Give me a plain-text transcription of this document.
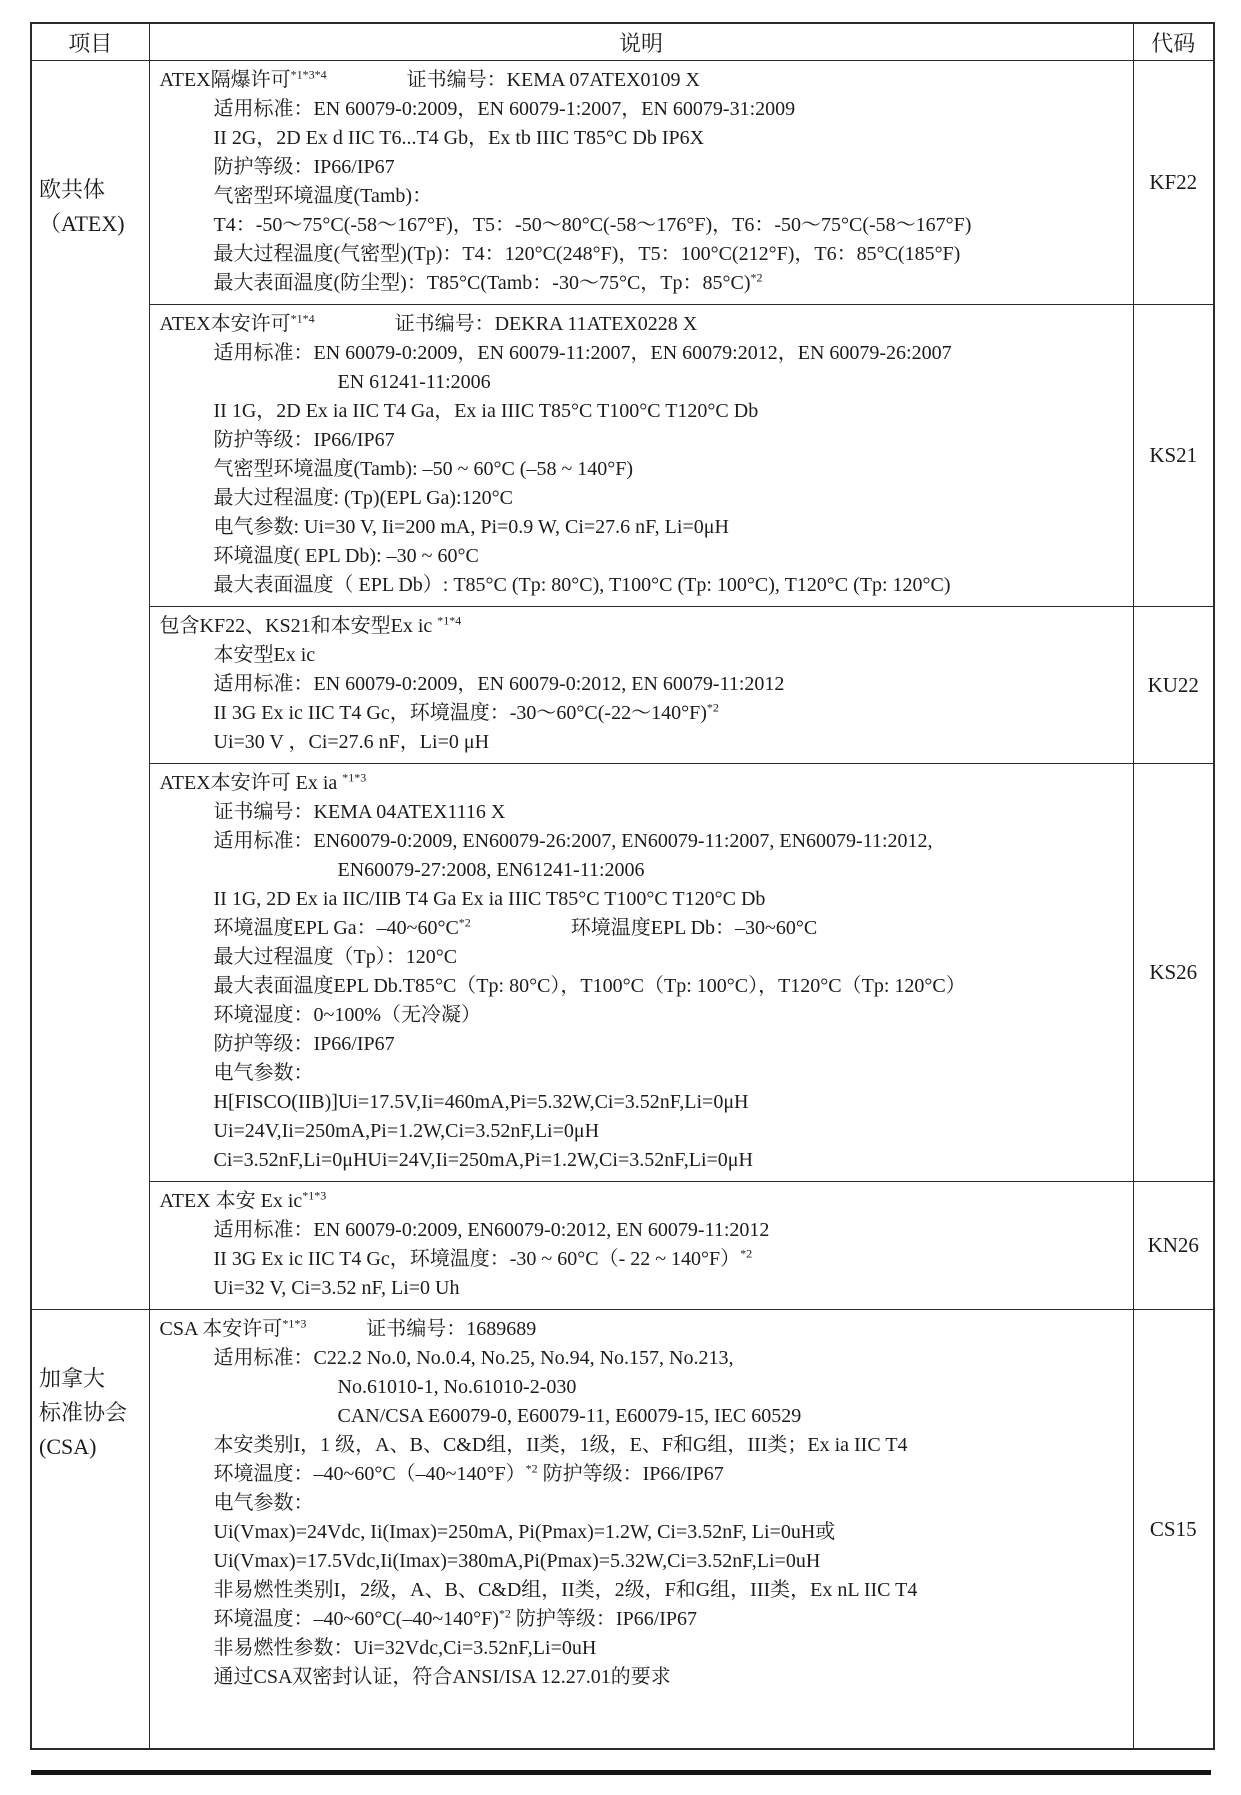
项目	说明	代码

欧共体
（ATEX)

ATEX隔爆许可$^{*1*3*4}$　　　　证书编号：KEMA 07ATEX0109 X
适用标准：EN 60079-0:2009，EN 60079-1:2007，EN 60079-31:2009
II 2G，2D Ex d IIC T6...T4 Gb，Ex tb IIIC T85°C Db IP6X
防护等级：IP66/IP67
气密型环境温度(Tamb)：
T4：-50～75°C(-58～167°F)，T5：-50～80°C(-58～176°F)，T6：-50～75°C(-58～167°F)
最大过程温度(气密型)(Tp)：T4：120°C(248°F)，T5：100°C(212°F)，T6：85°C(185°F)
最大表面温度(防尘型)：T85°C(Tamb：-30～75°C，Tp：85°C)$^{*2}$
	KF22

ATEX本安许可$^{*1*4}$　　　　证书编号：DEKRA 11ATEX0228 X
适用标准：EN 60079-0:2009，EN 60079-11:2007，EN 60079:2012，EN 60079-26:2007
EN 61241-11:2006
II 1G，2D Ex ia IIC T4 Ga，Ex ia IIIC T85°C T100°C T120°C Db
防护等级：IP66/IP67
气密型环境温度(Tamb): –50 ~ 60°C (–58 ~ 140°F)
最大过程温度: (Tp)(EPL Ga):120°C
电气参数: Ui=30 V, Ii=200 mA, Pi=0.9 W, Ci=27.6 nF, Li=0μH
环境温度( EPL Db): –30 ~ 60°C
最大表面温度（ EPL Db）: T85°C (Tp: 80°C), T100°C (Tp: 100°C), T120°C (Tp: 120°C)
	KS21

	包含KF22、KS21和本安型Ex ic $^{*1*4}$
本安型Ex ic
适用标准：EN 60079-0:2009，EN 60079-0:2012, EN 60079-11:2012
II 3G Ex ic IIC T4 Gc，环境温度：-30～60°C(-22～140°F)$^{*2}$
Ui=30 V ，Ci=27.6 nF，Li=0 μH	KU22

ATEX本安许可 Ex ia $^{*1*3}$
证书编号：KEMA 04ATEX1116 X
适用标准：EN60079-0:2009, EN60079-26:2007, EN60079-11:2007, EN60079-11:2012,
EN60079-27:2008, EN61241-11:2006
II 1G, 2D Ex ia IIC/IIB T4 Ga Ex ia IIIC T85°C T100°C T120°C Db
环境温度EPL Ga：$-40\sim 60^\circ C^{*2}$　　　　　环境温度EPL Db：–30~60°C
最大过程温度（Tp）：120°C
最大表面温度EPL Db.T85°C（Tp: 80°C），T100°C（Tp: 100°C），T120°C（Tp: 120°C）
环境湿度：0~100%（无冷凝）
防护等级：IP66/IP67
电气参数：
H[FISCO(IIB)]Ui=17.5V,Ii=460mA,Pi=5.32W,Ci=3.52nF,Li=0μH
Ui=24V,Ii=250mA,Pi=1.2W,Ci=3.52nF,Li=0μH
Ci=3.52nF,Li=0μHUi=24V,Ii=250mA,Pi=1.2W,Ci=3.52nF,Li=0μH
	KS26

	ATEX 本安 Ex $ic^{*1*3}$
适用标准：EN 60079-0:2009, EN60079-0:2012, EN 60079-11:2012
II 3G Ex ic IIC T4 Gc，环境温度：-30 ~ 60°C（- 22 ~ 140°F）$^{*2}$
Ui=32 V, Ci=3.52 nF, Li=0 Uh	KN26

加拿大
标准协会
(CSA)

CSA 本安许可$^{*1*3}$　　　证书编号：1689689
适用标准：C22.2 No.0, No.0.4, No.25, No.94, No.157, No.213,
No.61010-1, No.61010-2-030
CAN/CSA E60079-0, E60079-11, E60079-15, IEC 60529
本安类别I，1 级，A、B、C&D组，II类，1级，E、F和G组，III类；Ex ia IIC T4
环境温度：–40~60°C（–40~140°F）$^{*2}$ 防护等级：IP66/IP67
电气参数：
Ui(Vmax)=24Vdc, Ii(Imax)=250mA, Pi(Pmax)=1.2W, Ci=3.52nF, Li=0uH或
Ui(Vmax)=17.5Vdc,Ii(Imax)=380mA,Pi(Pmax)=5.32W,Ci=3.52nF,Li=0uH
非易燃性类别I，2级，A、B、C&D组，II类，2级，F和G组，III类，Ex nL IIC T4
环境温度：–40~60°C(–40~140°F)$^{*2}$ 防护等级：IP66/IP67
非易燃性参数：Ui=32Vdc,Ci=3.52nF,Li=0uH
通过CSA双密封认证，符合ANSI/ISA 12.27.01的要求
	CS15
